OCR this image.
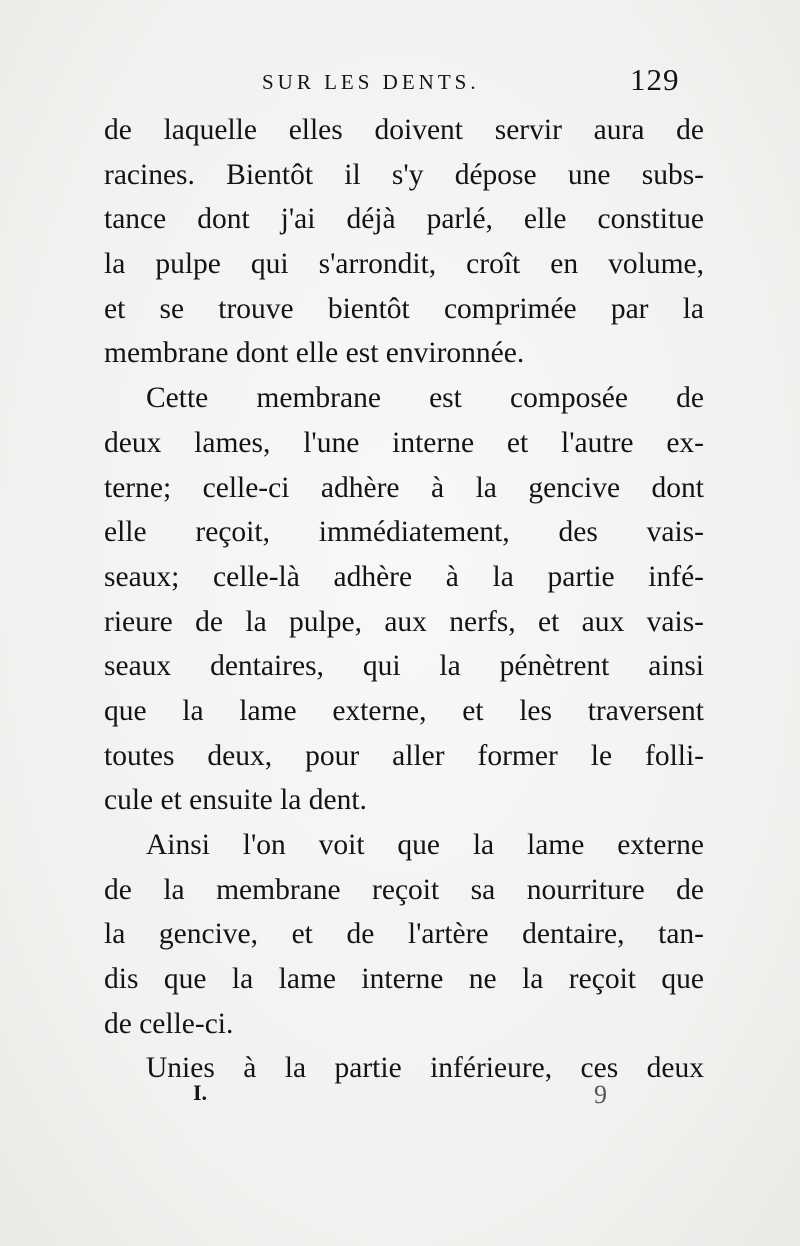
SUR LES DENTS.	129
de laquelle elles doivent servir aura de
racines. Bientôt il s'y dépose une subs-
tance dont j'ai déjà parlé, elle constitue
la pulpe qui s'arrondit, croît en volume,
et se trouve bientôt comprimée par la
membrane dont elle est environnée.
Cette membrane est composée de
deux lames, l'une interne et l'autre ex-
terne; celle-ci adhère à la gencive dont
elle reçoit, immédiatement, des vais-
seaux; celle-là adhère à la partie infé-
rieure de la pulpe, aux nerfs, et aux vais-
seaux dentaires, qui la pénètrent ainsi
que la lame externe, et les traversent
toutes deux, pour aller former le folli-
cule et ensuite la dent.
Ainsi l'on voit que la lame externe
de la membrane reçoit sa nourriture de
la gencive, et de l'artère dentaire, tan-
dis que la lame interne ne la reçoit que
de celle-ci.
Unies à la partie inférieure, ces deux
I.	9
